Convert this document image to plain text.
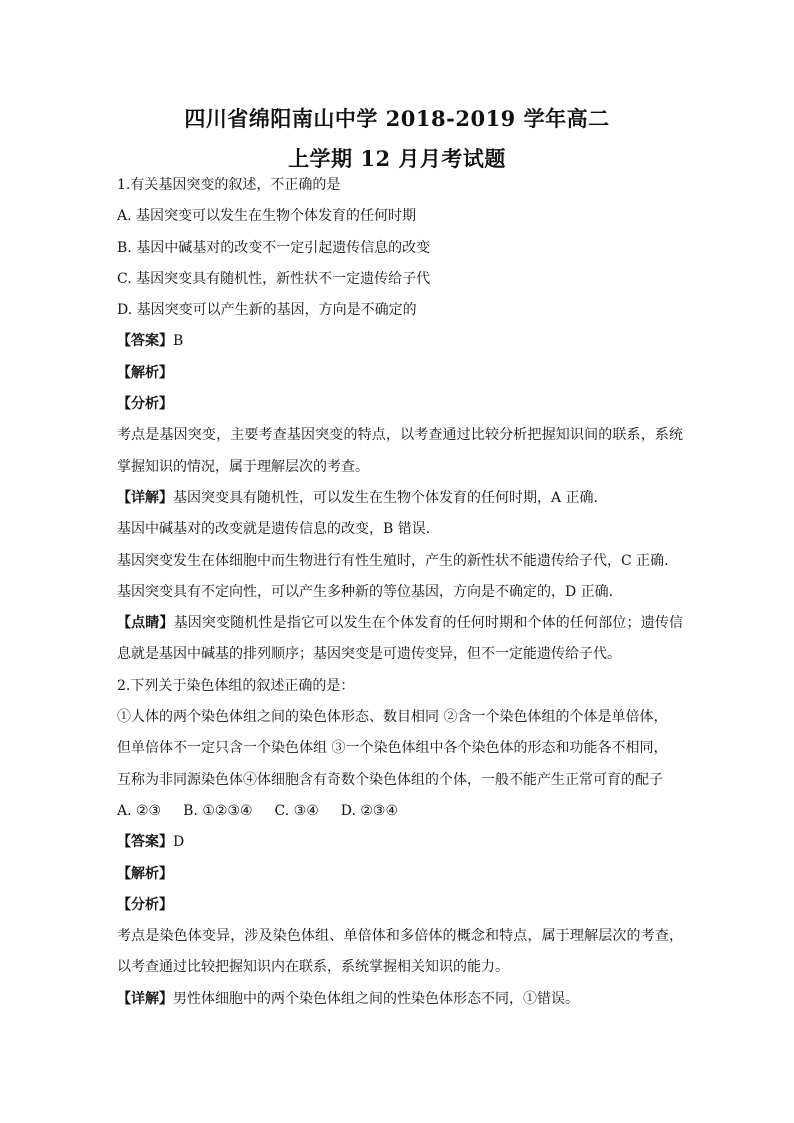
四川省绵阳南山中学 2018-2019 学年高二
上学期 12 月月考试题
1.有关基因突变的叙述，不正确的是
A. 基因突变可以发生在生物个体发育的任何时期
B. 基因中碱基对的改变不一定引起遗传信息的改变
C. 基因突变具有随机性，新性状不一定遗传给子代
D. 基因突变可以产生新的基因，方向是不确定的
【答案】B
【解析】
【分析】
考点是基因突变，主要考查基因突变的特点，以考查通过比较分析把握知识间的联系，系统
掌握知识的情况，属于理解层次的考查。
【详解】基因突变具有随机性，可以发生在生物个体发育的任何时期，A 正确.
基因中碱基对的改变就是遗传信息的改变，B 错误.
基因突变发生在体细胞中而生物进行有性生殖时，产生的新性状不能遗传给子代，C 正确.
基因突变具有不定向性，可以产生多种新的等位基因，方向是不确定的，D 正确.
【点睛】基因突变随机性是指它可以发生在个体发育的任何时期和个体的任何部位；遗传信
息就是基因中碱基的排列顺序；基因突变是可遗传变异，但不一定能遗传给子代。
2.下列关于染色体组的叙述正确的是：
①人体的两个染色体组之间的染色体形态、数目相同 ②含一个染色体组的个体是单倍体，
但单倍体不一定只含一个染色体组 ③一个染色体组中各个染色体的形态和功能各不相同，
互称为非同源染色体④体细胞含有奇数个染色体组的个体，一般不能产生正常可育的配子
A. ②③ B. ①②③④ C. ③④ D. ②③④
【答案】D
【解析】
【分析】
考点是染色体变异，涉及染色体组、单倍体和多倍体的概念和特点，属于理解层次的考查，
以考查通过比较把握知识内在联系，系统掌握相关知识的能力。
【详解】男性体细胞中的两个染色体组之间的性染色体形态不同，①错误。
